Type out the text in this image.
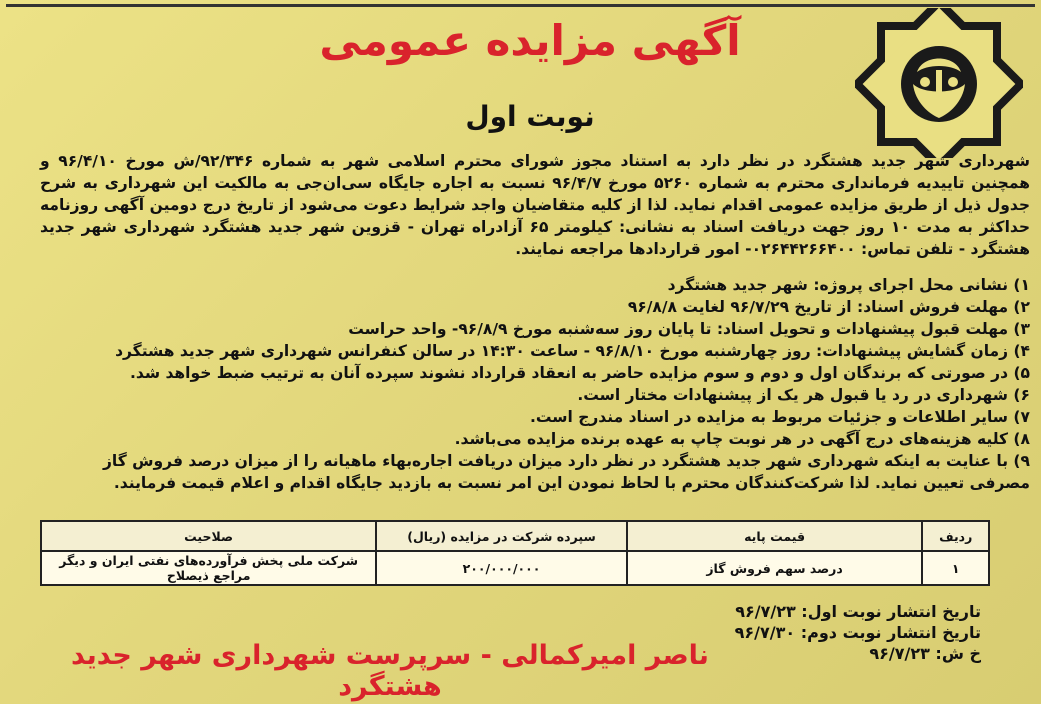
آگهی مزایده عمومی
نوبت اول
شهرداری شهر جدید هشتگرد در نظر دارد به استناد مجوز شورای محترم اسلامی شهر به شماره ۹۲/۳۴۶/ش مورخ ۹۶/۴/۱۰ و همچنین تاییدیه فرمانداری محترم به شماره ۵۲۶۰ مورخ ۹۶/۴/۷ نسبت به اجاره جایگاه سی‌ان‌جی به مالکیت این شهرداری به شرح جدول ذیل از طریق مزایده عمومی اقدام نماید. لذا از کلیه متقاضیان واجد شرایط دعوت می‌شود از تاریخ درج دومین آگهی روزنامه حداکثر به مدت ۱۰ روز جهت دریافت اسناد به نشانی: کیلومتر ۶۵ آزادراه تهران - قزوین شهر جدید هشتگرد شهرداری شهر جدید هشتگرد - تلفن تماس: ۰۲۶۴۴۲۶۶۴۰۰- امور قراردادها مراجعه نمایند.
۱) نشانی محل اجرای پروژه: شهر جدید هشتگرد
۲) مهلت فروش اسناد: از تاریخ ۹۶/۷/۲۹ لغایت ۹۶/۸/۸
۳) مهلت قبول پیشنهادات و تحویل اسناد: تا پایان روز سه‌شنبه مورخ ۹۶/۸/۹- واحد حراست
۴) زمان گشایش پیشنهادات: روز چهارشنبه مورخ ۹۶/۸/۱۰ - ساعت ۱۴:۳۰ در سالن کنفرانس شهرداری شهر جدید هشتگرد
۵) در صورتی که برندگان اول و دوم و سوم مزایده حاضر به انعقاد قرارداد نشوند سپرده آنان به ترتیب ضبط خواهد شد.
۶) شهرداری در رد یا قبول هر یک از پیشنهادات مختار است.
۷) سایر اطلاعات و جزئیات مربوط به مزایده در اسناد مندرج است.
۸) کلیه هزینه‌های درج آگهی در هر نوبت چاپ به عهده برنده مزایده می‌باشد.
۹) با عنایت به اینکه شهرداری شهر جدید هشتگرد در نظر دارد میزان دریافت اجاره‌بهاء ماهیانه را از میزان درصد فروش گاز مصرفی تعیین نماید. لذا شرکت‌کنندگان محترم با لحاظ نمودن این امر نسبت به بازدید جایگاه اقدام و اعلام قیمت فرمایند.
ردیف	قیمت پایه	سپرده شرکت در مزایده (ریال)	صلاحیت
۱	درصد سهم فروش گاز	۲۰۰/۰۰۰/۰۰۰	شرکت ملی پخش فرآورده‌های نفتی ایران و دیگر مراجع ذیصلاح
تاریخ انتشار نوبت اول: ۹۶/۷/۲۳
تاریخ انتشار نوبت دوم: ۹۶/۷/۳۰
خ ش: ۹۶/۷/۲۳
ناصر امیرکمالی - سرپرست شهرداری شهر جدید هشتگرد
